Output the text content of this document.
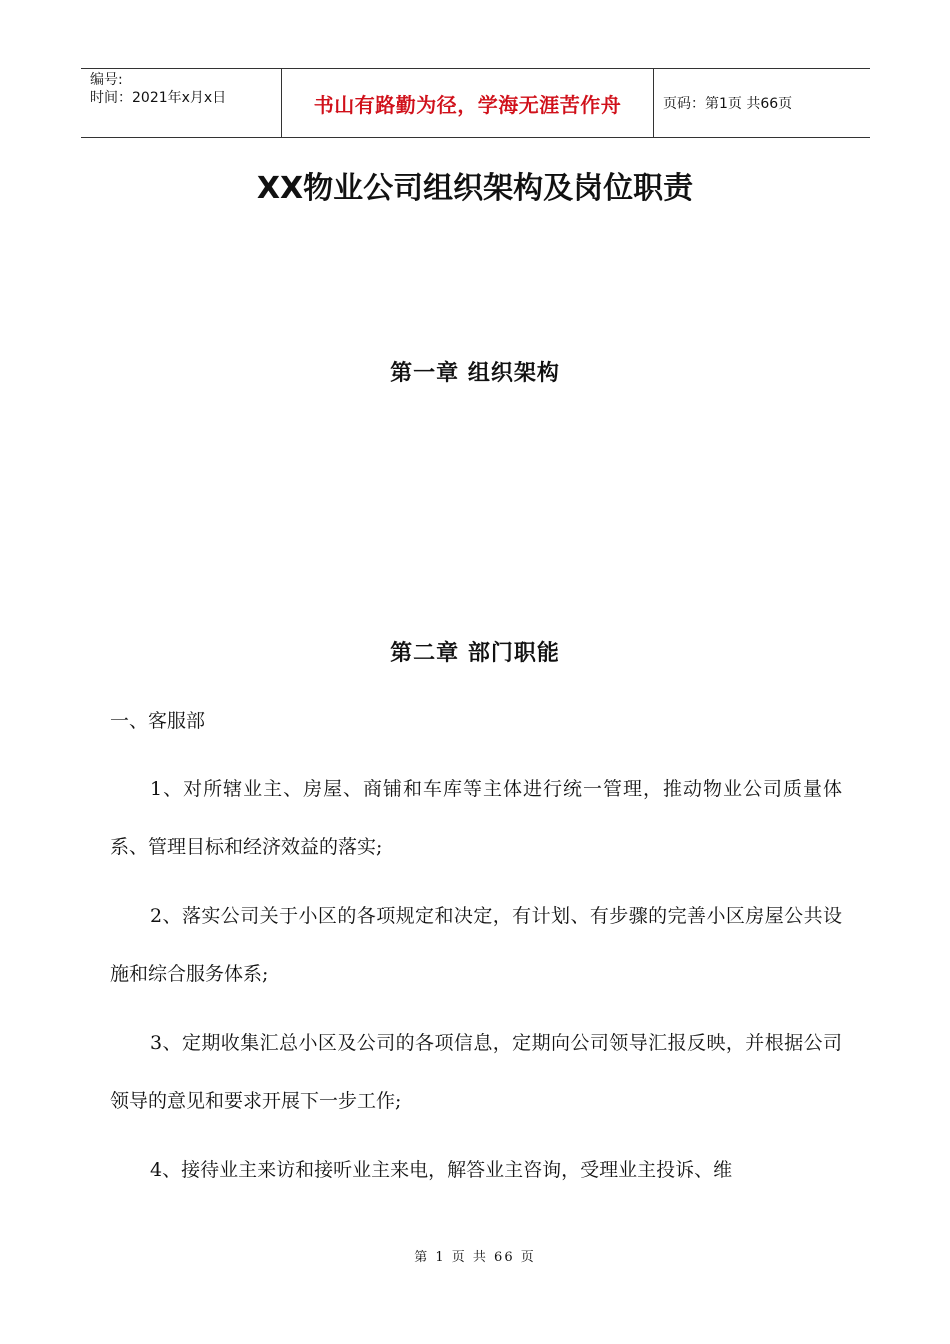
编号:
时间：2021年x月x日	书山有路勤为径，学海无涯苦作舟	页码：第1页 共66页
XX物业公司组织架构及岗位职责
第一章 组织架构
第二章 部门职能
一、客服部
1、对所辖业主、房屋、商铺和车库等主体进行统一管理，推动物业公司质量体系、管理目标和经济效益的落实;
2、落实公司关于小区的各项规定和决定，有计划、有步骤的完善小区房屋公共设施和综合服务体系;
3、定期收集汇总小区及公司的各项信息，定期向公司领导汇报反映，并根据公司领导的意见和要求开展下一步工作;
4、接待业主来访和接听业主来电，解答业主咨询，受理业主投诉、维
第 1 页 共 66 页
